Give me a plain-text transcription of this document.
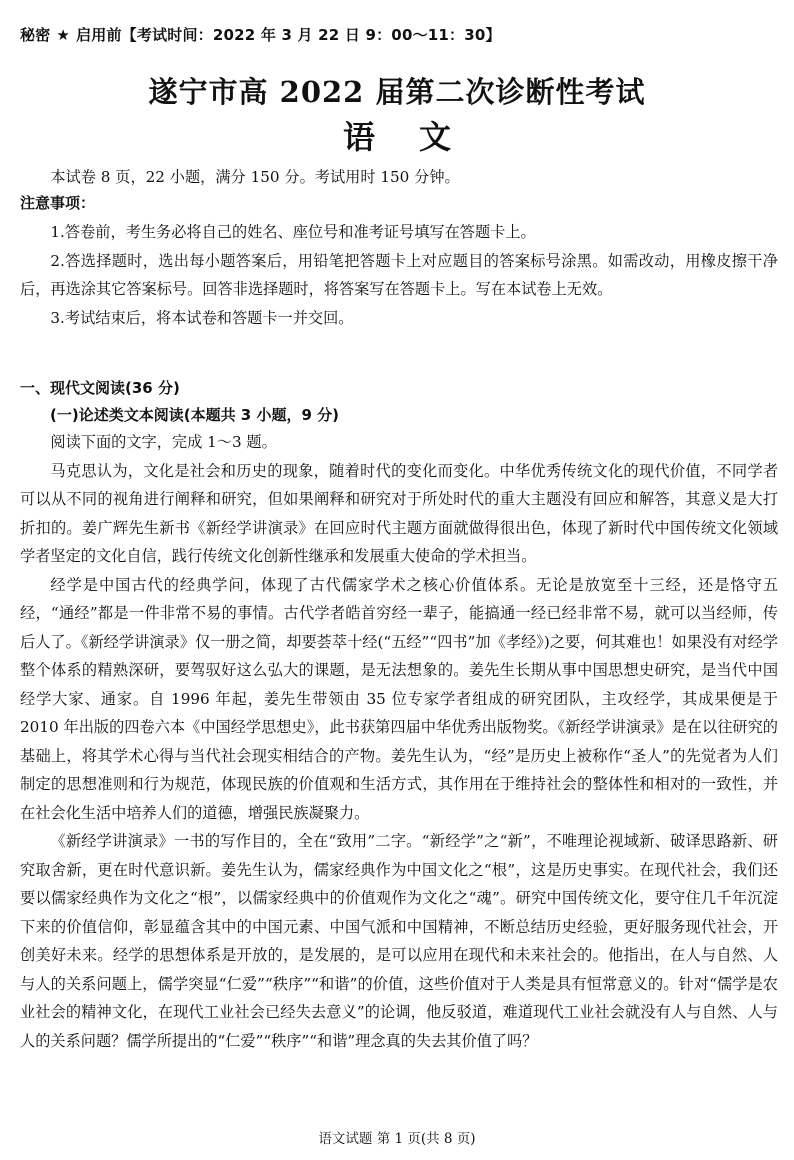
秘密 ★ 启用前【考试时间：2022 年 3 月 22 日 9：00～11：30】
遂宁市高 2022 届第二次诊断性考试
语文
本试卷 8 页，22 小题，满分 150 分。考试用时 150 分钟。
注意事项：

1.答卷前，考生务必将自己的姓名、座位号和准考证号填写在答题卡上。

2.答选择题时，选出每小题答案后，用铅笔把答题卡上对应题目的答案标号涂黑。如需改动，用橡皮擦干净后，再选涂其它答案标号。回答非选择题时，将答案写在答题卡上。写在本试卷上无效。

3.考试结束后，将本试卷和答题卡一并交回。

一、现代文阅读(36 分)
(一)论述类文本阅读(本题共 3 小题，9 分)

阅读下面的文字，完成 1～3 题。

马克思认为，文化是社会和历史的现象，随着时代的变化而变化。中华优秀传统文化的现代价值，不同学者可以从不同的视角进行阐释和研究，但如果阐释和研究对于所处时代的重大主题没有回应和解答，其意义是大打折扣的。姜广辉先生新书《新经学讲演录》在回应时代主题方面就做得很出色，体现了新时代中国传统文化领域学者坚定的文化自信，践行传统文化创新性继承和发展重大使命的学术担当。

经学是中国古代的经典学问，体现了古代儒家学术之核心价值体系。无论是放宽至十三经，还是恪守五经，“通经”都是一件非常不易的事情。古代学者皓首穷经一辈子，能搞通一经已经非常不易，就可以当经师，传后人了。《新经学讲演录》仅一册之简，却要荟萃十经(“五经”“四书”加《孝经》)之要，何其难也！如果没有对经学整个体系的精熟深研，要驾驭好这么弘大的课题，是无法想象的。姜先生长期从事中国思想史研究，是当代中国经学大家、通家。自 1996 年起，姜先生带领由 35 位专家学者组成的研究团队，主攻经学，其成果便是于 2010 年出版的四卷六本《中国经学思想史》，此书获第四届中华优秀出版物奖。《新经学讲演录》是在以往研究的基础上，将其学术心得与当代社会现实相结合的产物。姜先生认为，“经”是历史上被称作“圣人”的先觉者为人们制定的思想准则和行为规范，体现民族的价值观和生活方式，其作用在于维持社会的整体性和相对的一致性，并在社会化生活中培养人们的道德，增强民族凝聚力。

《新经学讲演录》一书的写作目的，全在“致用”二字。“新经学”之“新”，不唯理论视域新、破译思路新、研究取舍新，更在时代意识新。姜先生认为，儒家经典作为中国文化之“根”，这是历史事实。在现代社会，我们还要以儒家经典作为文化之“根”，以儒家经典中的价值观作为文化之“魂”。研究中国传统文化，要守住几千年沉淀下来的价值信仰，彰显蕴含其中的中国元素、中国气派和中国精神，不断总结历史经验，更好服务现代社会，开创美好未来。经学的思想体系是开放的，是发展的，是可以应用在现代和未来社会的。他指出，在人与自然、人与人的关系问题上，儒学突显“仁爱”“秩序”“和谐”的价值，这些价值对于人类是具有恒常意义的。针对“儒学是农业社会的精神文化，在现代工业社会已经失去意义”的论调，他反驳道，难道现代工业社会就没有人与自然、人与人的关系问题？儒学所提出的“仁爱”“秩序”“和谐”理念真的失去其价值了吗？

语文试题 第 1 页(共 8 页)
